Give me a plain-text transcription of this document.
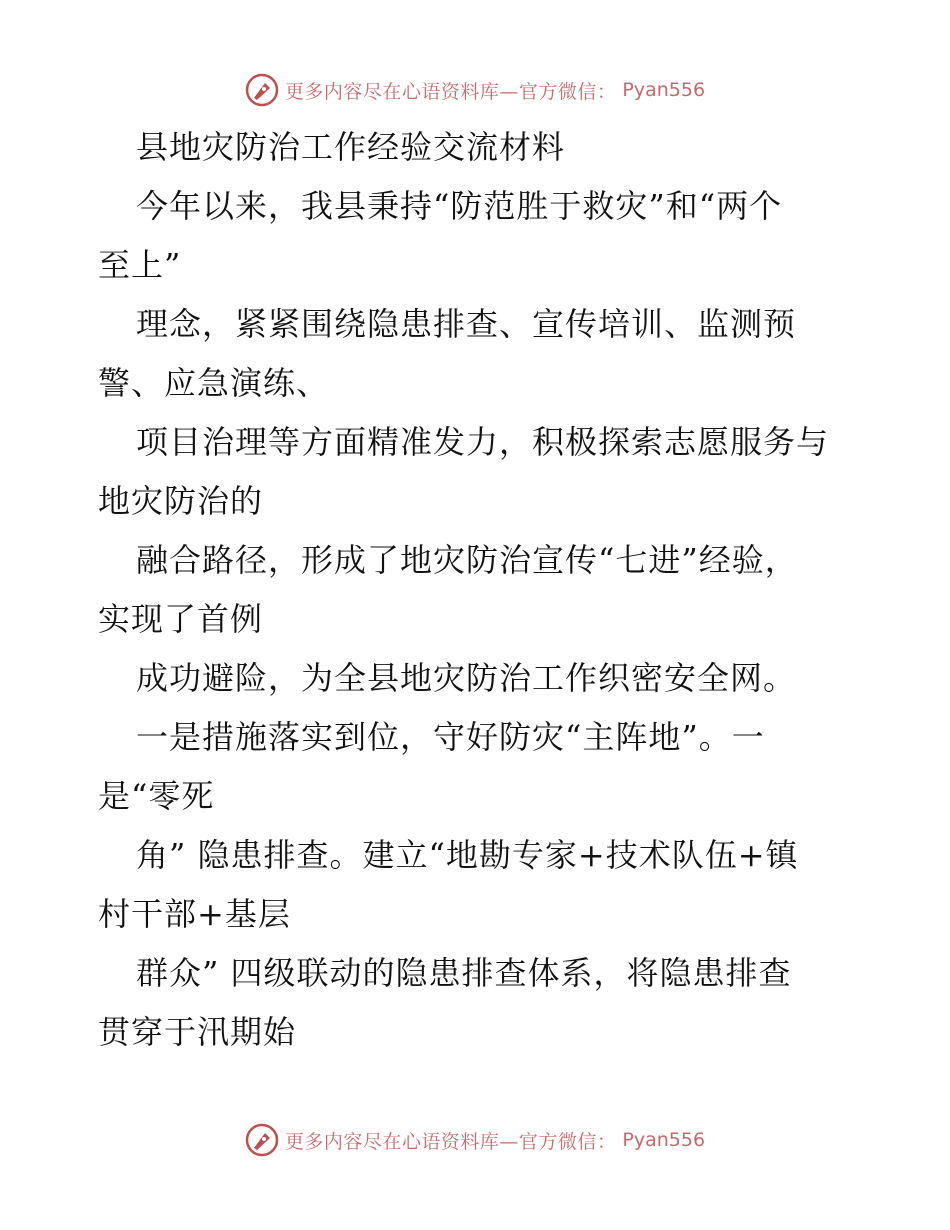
更多内容尽在心语资料库—官方微信： Pyan556
县地灾防治工作经验交流材料
今年以来，我县秉持“防范胜于救灾”和“两个
至上”
理念，紧紧围绕隐患排查、宣传培训、监测预
警、应急演练、
项目治理等方面精准发力，积极探索志愿服务与
地灾防治的
融合路径，形成了地灾防治宣传“七进”经验，
实现了首例
成功避险，为全县地灾防治工作织密安全网。
一是措施落实到位，守好防灾“主阵地”。一
是“零死
角” 隐患排查。建立“地勘专家+技术队伍+镇
村干部+基层
群众” 四级联动的隐患排查体系，将隐患排查
贯穿于汛期始
更多内容尽在心语资料库—官方微信： Pyan556
